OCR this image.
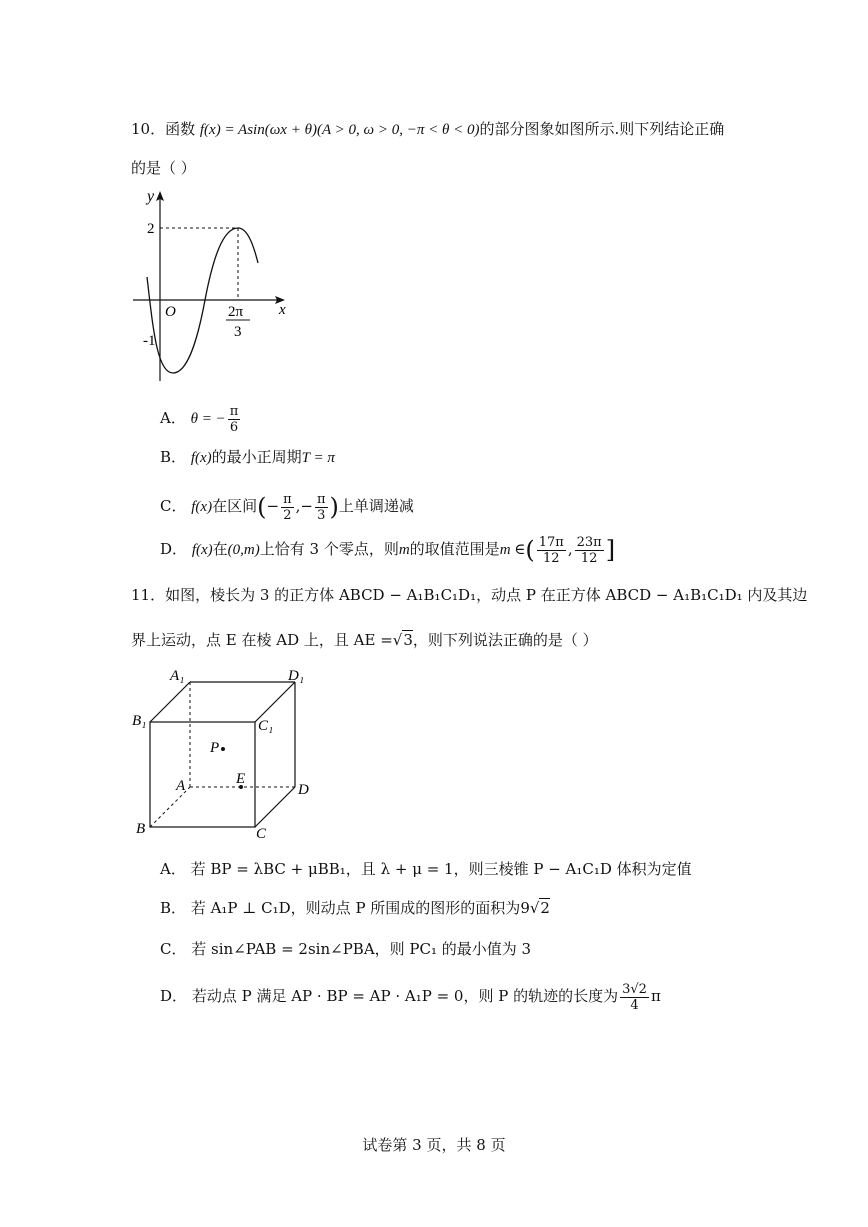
10．函数 f(x) = Asin(ωx + θ)(A > 0, ω > 0, −π < θ < 0)的部分图象如图所示.则下列结论正确
的是（ ）
y
x
O
2
-1
2π
3
A． θ = − $\frac{\pi}{6}$
B． f(x)的最小正周期T = π
C． f(x)在区间(− $\frac{\pi}{2}$ ,− $\frac{\pi}{3}$ )上单调递减
D． f(x)在(0,m)上恰有 3 个零点，则m的取值范围是m ∈( $\frac{17\pi}{12}$ , $\frac{23\pi}{12}$ ]
11．如图，棱长为 3 的正方体 ABCD − A₁B₁C₁D₁，动点 P 在正方体 ABCD − A₁B₁C₁D₁ 内及其边
界上运动，点 E 在棱 AD 上，且 AE =√3，则下列说法正确的是（ ）
A₁	D₁
B₁	C₁
P
A	E
D
B	C
A． 若 BP = λBC + μBB₁，且 λ + μ = 1，则三棱锥 P − A₁C₁D 体积为定值
B． 若 A₁P ⊥ C₁D，则动点 P 所围成的图形的面积为9√2
C． 若 sin∠PAB = 2sin∠PBA，则 PC₁ 的最小值为 3
D． 若动点 P 满足 AP · BP = AP · A₁P = 0，则 P 的轨迹的长度为 $\frac{3√2}{4}$ π
试卷第 3 页，共 8 页
